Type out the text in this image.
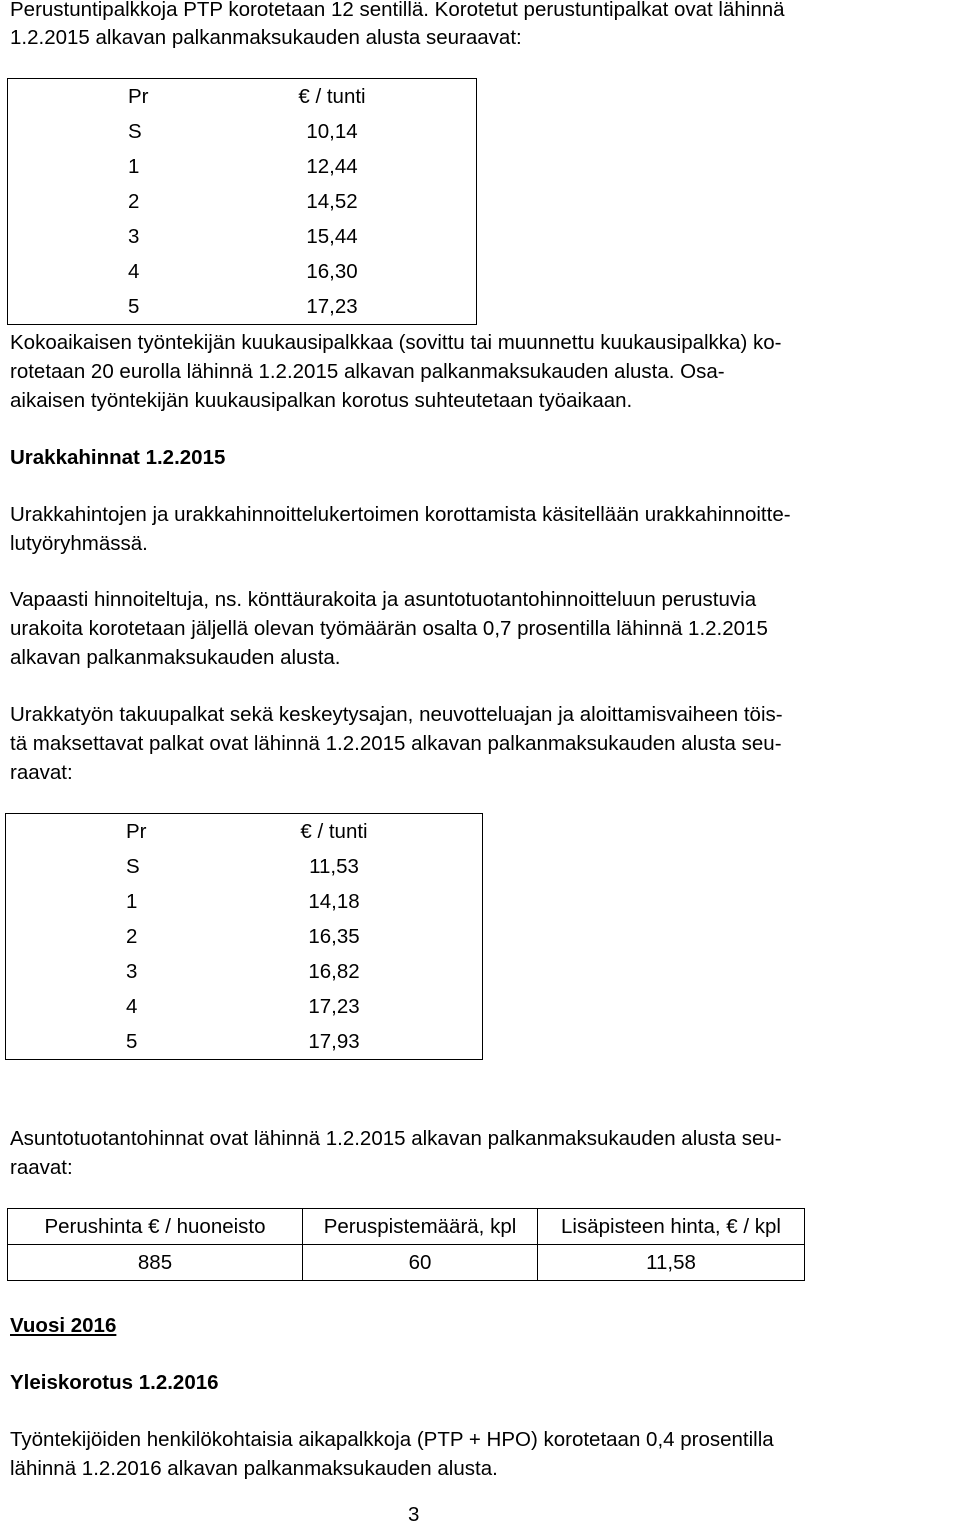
Perustuntipalkkoja PTP korotetaan 12 sentillä. Korotetut perustuntipalkat ovat lähinnä
1.2.2015 alkavan palkanmaksukauden alusta seuraavat:
Pr	€ / tunti
S	10,14
1	12,44
2	14,52
3	15,44
4	16,30
5	17,23
Kokoaikaisen työntekijän kuukausipalkkaa (sovittu tai muunnettu kuukausipalkka) ko-
rotetaan 20 eurolla lähinnä 1.2.2015 alkavan palkanmaksukauden alusta. Osa-
aikaisen työntekijän kuukausipalkan korotus suhteutetaan työaikaan.
Urakkahinnat 1.2.2015
Urakkahintojen ja urakkahinnoittelukertoimen korottamista käsitellään urakkahinnoitte-
lutyöryhmässä.
Vapaasti hinnoiteltuja, ns. könttäurakoita ja asuntotuotantohinnoitteluun perustuvia
urakoita korotetaan jäljellä olevan työmäärän osalta 0,7 prosentilla lähinnä 1.2.2015
alkavan palkanmaksukauden alusta.
Urakkatyön takuupalkat sekä keskeytysajan, neuvotteluajan ja aloittamisvaiheen töis-
tä maksettavat palkat ovat lähinnä 1.2.2015 alkavan palkanmaksukauden alusta seu-
raavat:
Pr	€ / tunti
S	11,53
1	14,18
2	16,35
3	16,82
4	17,23
5	17,93
Asuntotuotantohinnat ovat lähinnä 1.2.2015 alkavan palkanmaksukauden alusta seu-
raavat:
Perushinta € / huoneisto	Peruspistemäärä, kpl	Lisäpisteen hinta, € / kpl
885	60	11,58
Vuosi 2016
Yleiskorotus 1.2.2016
Työntekijöiden henkilökohtaisia aikapalkkoja (PTP + HPO) korotetaan 0,4 prosentilla
lähinnä 1.2.2016 alkavan palkanmaksukauden alusta.
3
